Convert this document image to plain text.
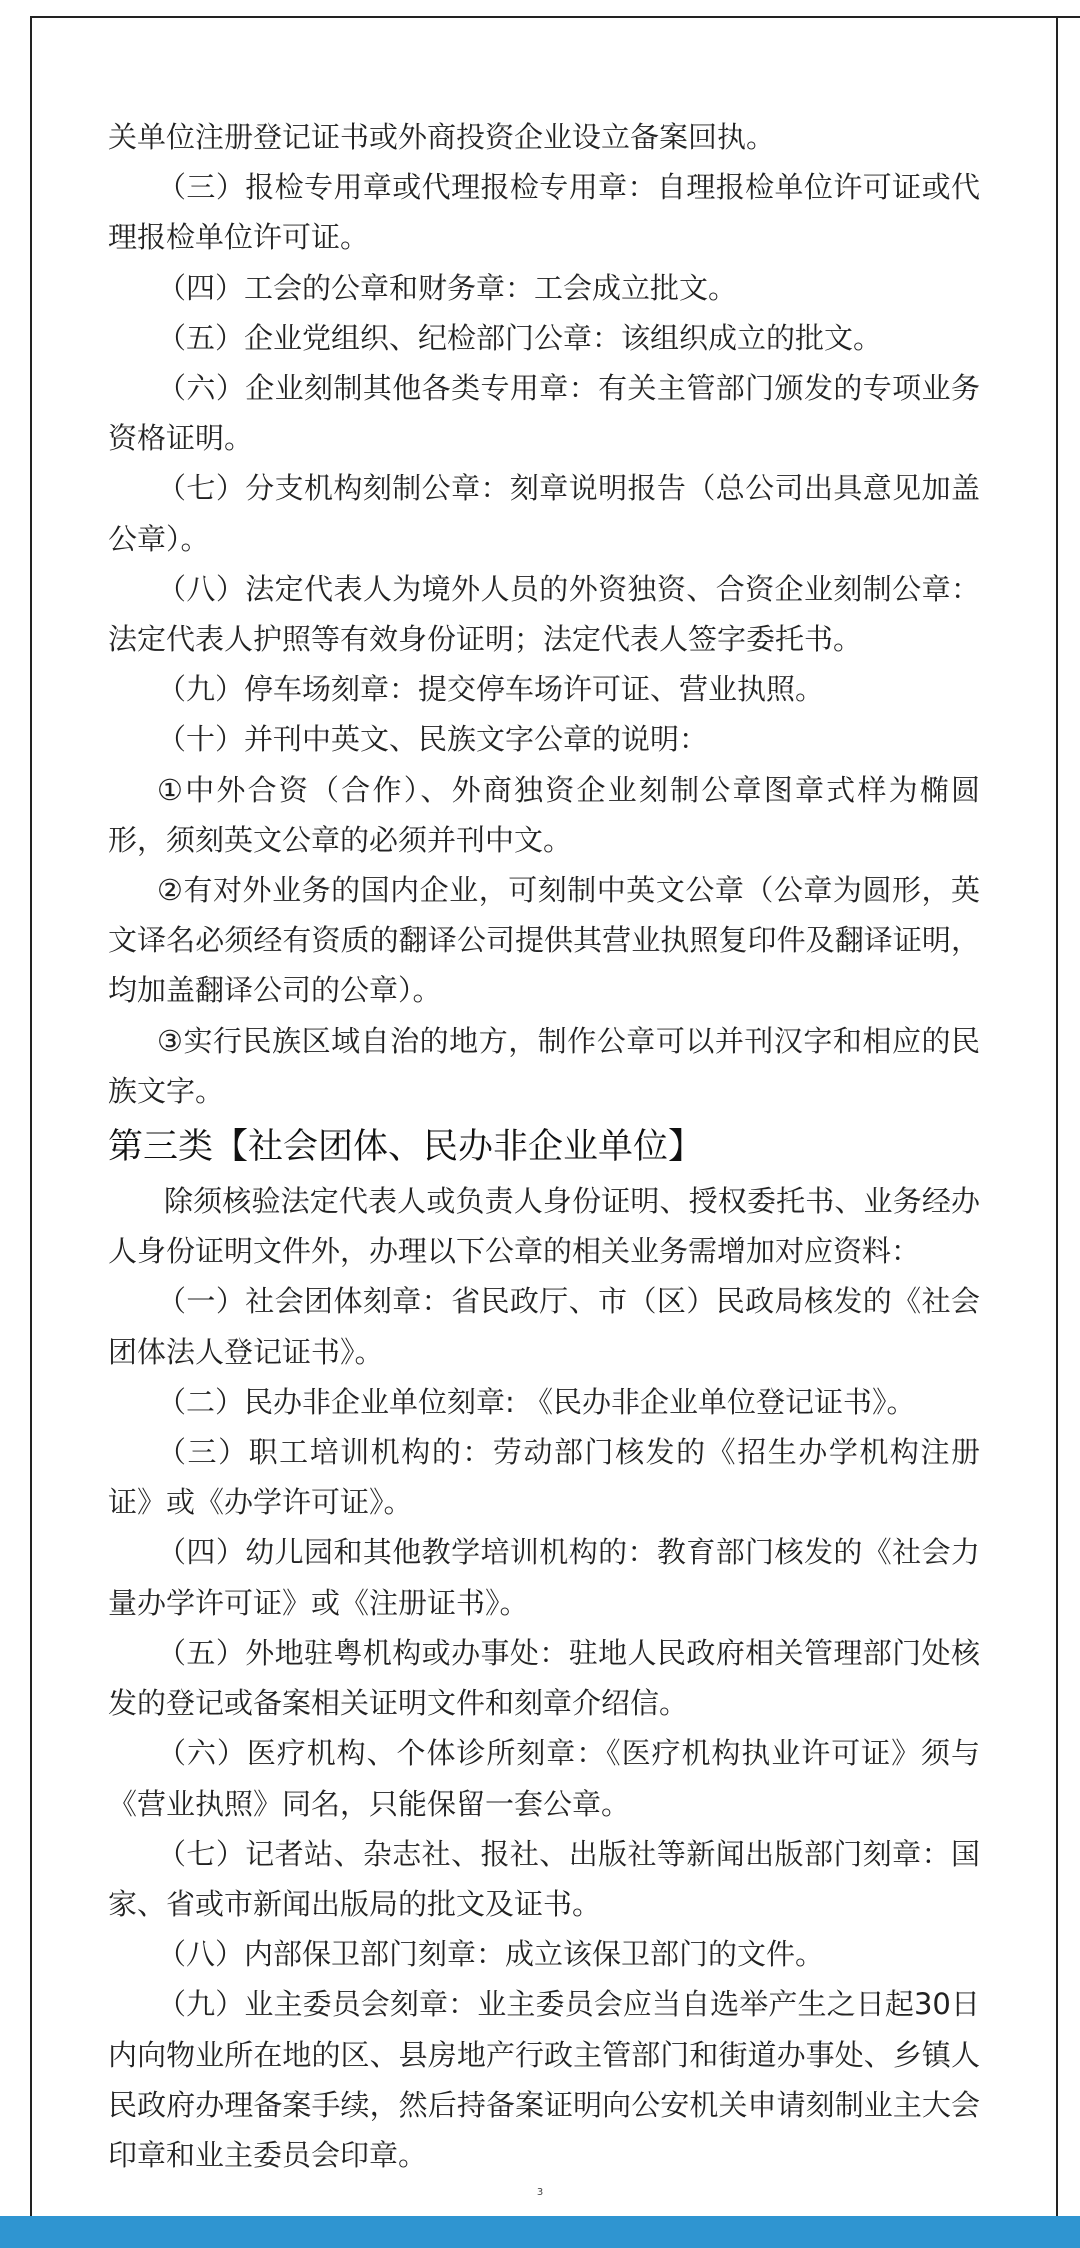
关单位注册登记证书或外商投资企业设立备案回执。

（三）报检专用章或代理报检专用章：自理报检单位许可证或代理报检单位许可证。

（四）工会的公章和财务章：工会成立批文。

（五）企业党组织、纪检部门公章：该组织成立的批文。

（六）企业刻制其他各类专用章：有关主管部门颁发的专项业务资格证明。

（七）分支机构刻制公章：刻章说明报告（总公司出具意见加盖公章）。

（八）法定代表人为境外人员的外资独资、合资企业刻制公章：法定代表人护照等有效身份证明；法定代表人签字委托书。

（九）停车场刻章：提交停车场许可证、营业执照。

（十）并刊中英文、民族文字公章的说明：

①中外合资（合作）、外商独资企业刻制公章图章式样为椭圆形，须刻英文公章的必须并刊中文。

②有对外业务的国内企业，可刻制中英文公章（公章为圆形，英文译名必须经有资质的翻译公司提供其营业执照复印件及翻译证明，均加盖翻译公司的公章）。

③实行民族区域自治的地方，制作公章可以并刊汉字和相应的民族文字。

第三类【社会团体、民办非企业单位】

除须核验法定代表人或负责人身份证明、授权委托书、业务经办人身份证明文件外，办理以下公章的相关业务需增加对应资料：

（一）社会团体刻章：省民政厅、市（区）民政局核发的《社会团体法人登记证书》。

（二）民办非企业单位刻章: 《民办非企业单位登记证书》。

（三）职工培训机构的：劳动部门核发的《招生办学机构注册证》或《办学许可证》。

（四）幼儿园和其他教学培训机构的：教育部门核发的《社会力量办学许可证》或《注册证书》。

（五）外地驻粤机构或办事处：驻地人民政府相关管理部门处核发的登记或备案相关证明文件和刻章介绍信。

（六）医疗机构、个体诊所刻章：《医疗机构执业许可证》须与《营业执照》同名，只能保留一套公章。

（七）记者站、杂志社、报社、出版社等新闻出版部门刻章：国家、省或市新闻出版局的批文及证书。

（八）内部保卫部门刻章：成立该保卫部门的文件。

（九）业主委员会刻章：业主委员会应当自选举产生之日起30日内向物业所在地的区、县房地产行政主管部门和街道办事处、乡镇人民政府办理备案手续，然后持备案证明向公安机关申请刻制业主大会印章和业主委员会印章。

3
